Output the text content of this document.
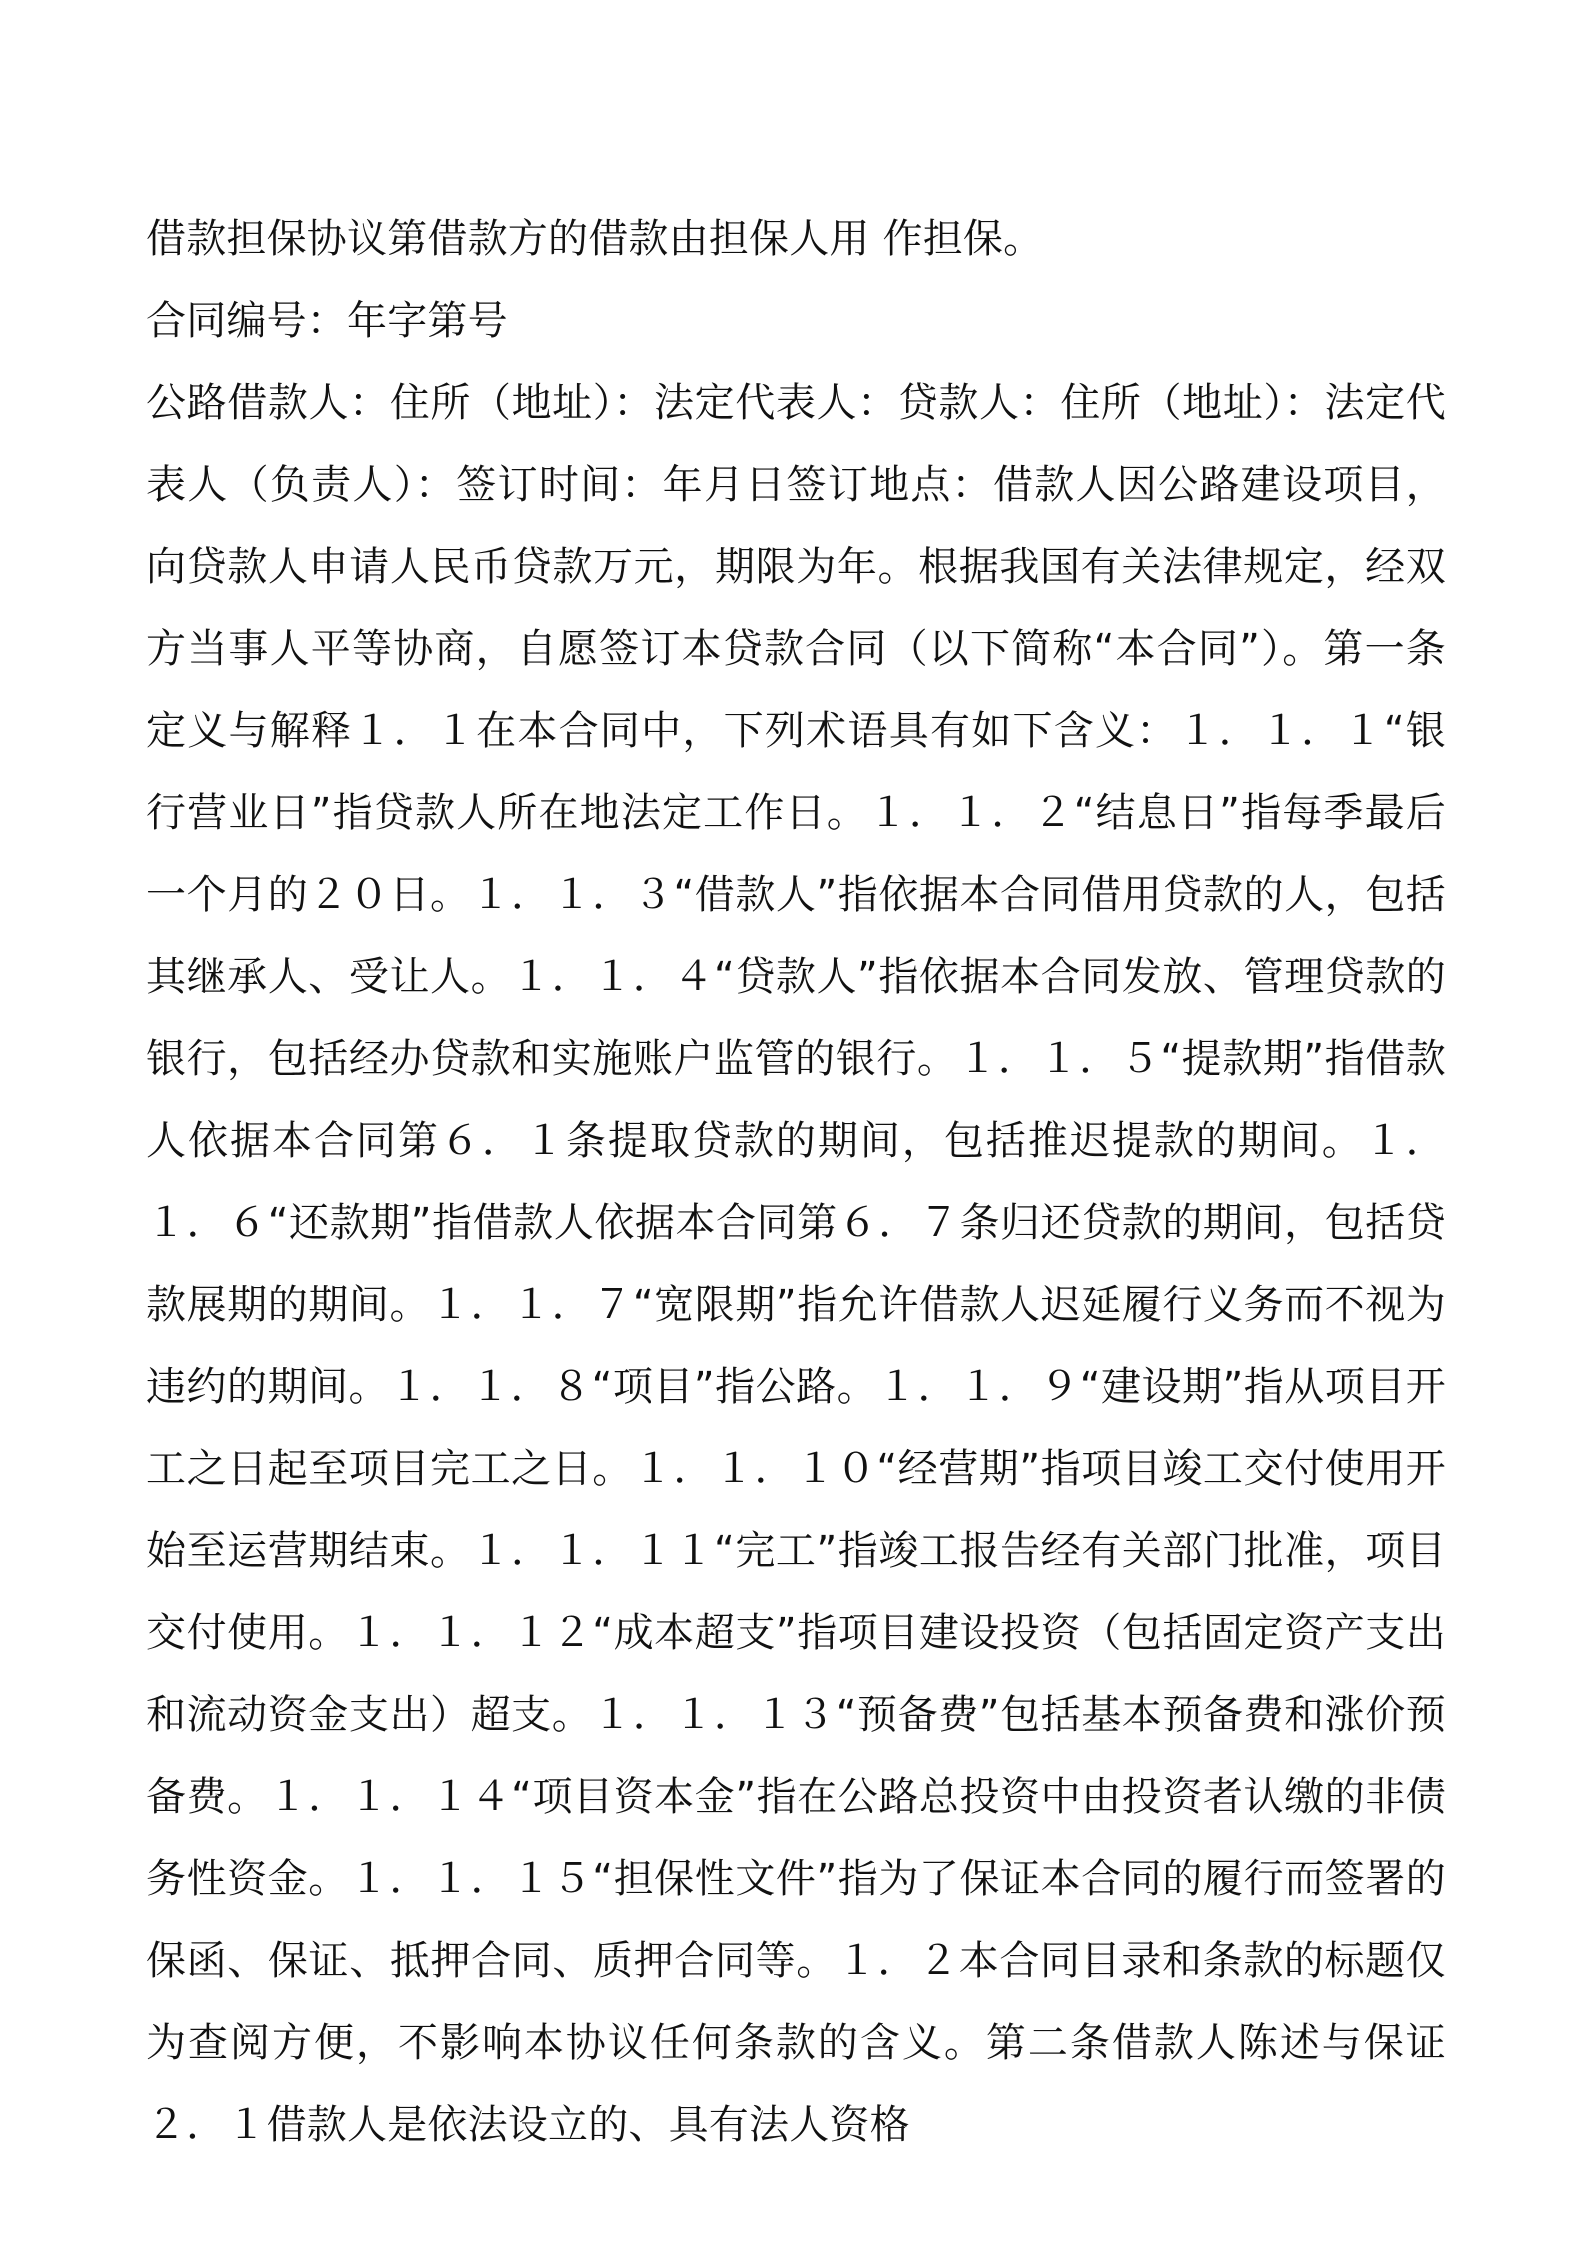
借款担保协议第借款方的借款由担保人用 作担保。

合同编号：年字第号

公路借款人：住所（地址）：法定代表人：贷款人：住所（地址）：法定代表人（负责人）：签订时间：年月日签订地点：借款人因公路建设项目，向贷款人申请人民币贷款万元，期限为年。根据我国有关法律规定，经双方当事人平等协商，自愿签订本贷款合同（以下简称“本合同”）。第一条定义与解释１．１在本合同中，下列术语具有如下含义：１．１．１“银行营业日”指贷款人所在地法定工作日。１．１．２“结息日”指每季最后一个月的２０日。１．１．３“借款人”指依据本合同借用贷款的人，包括其继承人、受让人。１．１．４“贷款人”指依据本合同发放、管理贷款的银行，包括经办贷款和实施账户监管的银行。１．１．５“提款期”指借款人依据本合同第６．１条提取贷款的期间，包括推迟提款的期间。１．１．６“还款期”指借款人依据本合同第６．７条归还贷款的期间，包括贷款展期的期间。１．１．７“宽限期”指允许借款人迟延履行义务而不视为违约的期间。１．１．８“项目”指公路。１．１．９“建设期”指从项目开工之日起至项目完工之日。１．１．１０“经营期”指项目竣工交付使用开始至运营期结束。１．１．１１“完工”指竣工报告经有关部门批准，项目交付使用。１．１．１２“成本超支”指项目建设投资（包括固定资产支出和流动资金支出）超支。１．１．１３“预备费”包括基本预备费和涨价预备费。１．１．１４“项目资本金”指在公路总投资中由投资者认缴的非债务性资金。１．１．１５“担保性文件”指为了保证本合同的履行而签署的保函、保证、抵押合同、质押合同等。１．２本合同目录和条款的标题仅为查阅方便，不影响本协议任何条款的含义。第二条借款人陈述与保证２．１借款人是依法设立的、具有法人资格
